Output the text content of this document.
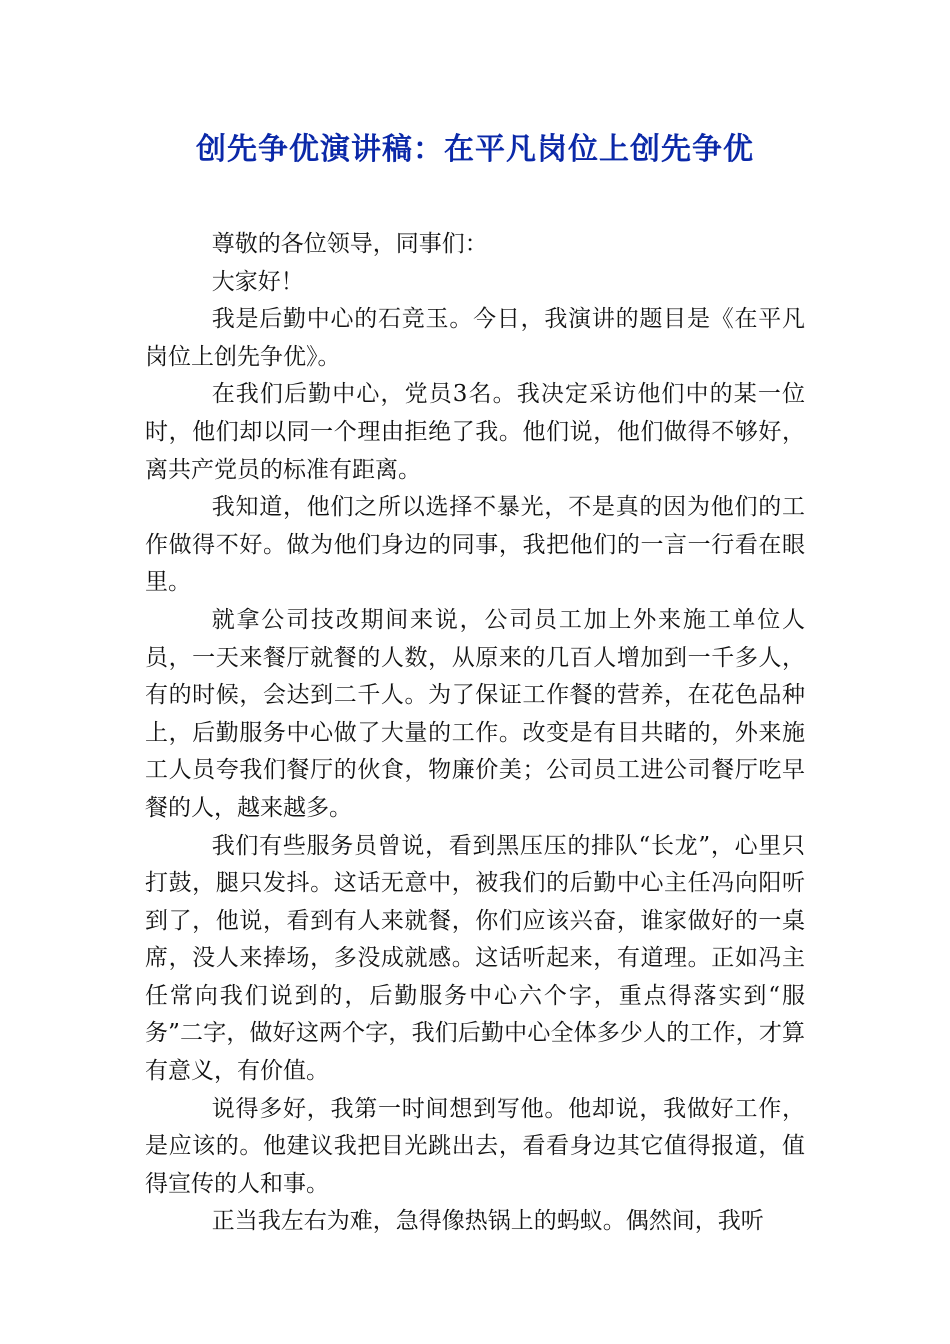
创先争优演讲稿：在平凡岗位上创先争优

尊敬的各位领导，同事们：

大家好！

我是后勤中心的石竞玉。今日，我演讲的题目是《在平凡岗位上创先争优》。

在我们后勤中心，党员3名。我决定采访他们中的某一位时，他们却以同一个理由拒绝了我。他们说，他们做得不够好，离共产党员的标准有距离。

我知道，他们之所以选择不暴光，不是真的因为他们的工作做得不好。做为他们身边的同事，我把他们的一言一行看在眼里。

就拿公司技改期间来说，公司员工加上外来施工单位人员，一天来餐厅就餐的人数，从原来的几百人增加到一千多人，有的时候，会达到二千人。为了保证工作餐的营养，在花色品种上，后勤服务中心做了大量的工作。改变是有目共睹的，外来施工人员夸我们餐厅的伙食，物廉价美；公司员工进公司餐厅吃早餐的人，越来越多。

我们有些服务员曾说，看到黑压压的排队“长龙”，心里只打鼓，腿只发抖。这话无意中，被我们的后勤中心主任冯向阳听到了，他说，看到有人来就餐，你们应该兴奋，谁家做好的一桌席，没人来捧场，多没成就感。这话听起来，有道理。正如冯主任常向我们说到的，后勤服务中心六个字，重点得落实到“服务”二字，做好这两个字，我们后勤中心全体多少人的工作，才算有意义，有价值。

说得多好，我第一时间想到写他。他却说，我做好工作，是应该的。他建议我把目光跳出去，看看身边其它值得报道，值得宣传的人和事。

正当我左右为难，急得像热锅上的蚂蚁。偶然间，我听
